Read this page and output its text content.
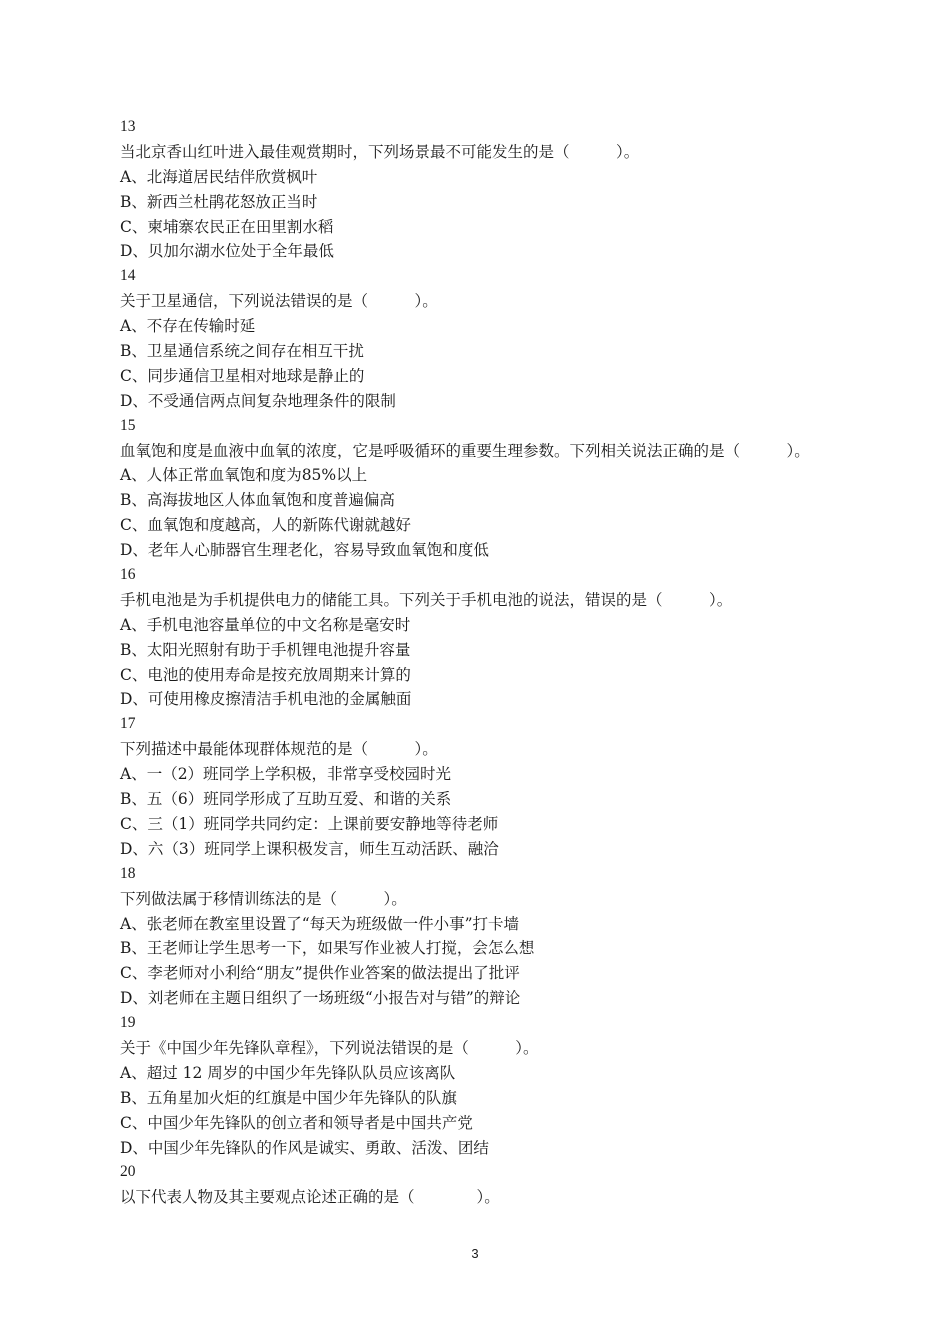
13
当北京香山红叶进入最佳观赏期时，下列场景最不可能发生的是（　　　）。
A、北海道居民结伴欣赏枫叶
B、新西兰杜鹃花怒放正当时
C、柬埔寨农民正在田里割水稻
D、贝加尔湖水位处于全年最低
14
关于卫星通信，下列说法错误的是（　　　）。
A、不存在传输时延
B、卫星通信系统之间存在相互干扰
C、同步通信卫星相对地球是静止的
D、不受通信两点间复杂地理条件的限制
15
血氧饱和度是血液中血氧的浓度，它是呼吸循环的重要生理参数。下列相关说法正确的是（　　　）。
A、人体正常血氧饱和度为85%以上
B、高海拔地区人体血氧饱和度普遍偏高
C、血氧饱和度越高，人的新陈代谢就越好
D、老年人心肺器官生理老化，容易导致血氧饱和度低
16
手机电池是为手机提供电力的储能工具。下列关于手机电池的说法，错误的是（　　　）。
A、手机电池容量单位的中文名称是毫安时
B、太阳光照射有助于手机锂电池提升容量
C、电池的使用寿命是按充放周期来计算的
D、可使用橡皮擦清洁手机电池的金属触面
17
下列描述中最能体现群体规范的是（　　　）。
A、一（2）班同学上学积极，非常享受校园时光
B、五（6）班同学形成了互助互爱、和谐的关系
C、三（1）班同学共同约定：上课前要安静地等待老师
D、六（3）班同学上课积极发言，师生互动活跃、融洽
18
下列做法属于移情训练法的是（　　　）。
A、张老师在教室里设置了“每天为班级做一件小事”打卡墙
B、王老师让学生思考一下，如果写作业被人打搅，会怎么想
C、李老师对小利给“朋友”提供作业答案的做法提出了批评
D、刘老师在主题日组织了一场班级“小报告对与错”的辩论
19
关于《中国少年先锋队章程》，下列说法错误的是（　　　）。
A、超过 12 周岁的中国少年先锋队队员应该离队
B、五角星加火炬的红旗是中国少年先锋队的队旗
C、中国少年先锋队的创立者和领导者是中国共产党
D、中国少年先锋队的作风是诚实、勇敢、活泼、团结
20
以下代表人物及其主要观点论述正确的是（　　　　）。
3
